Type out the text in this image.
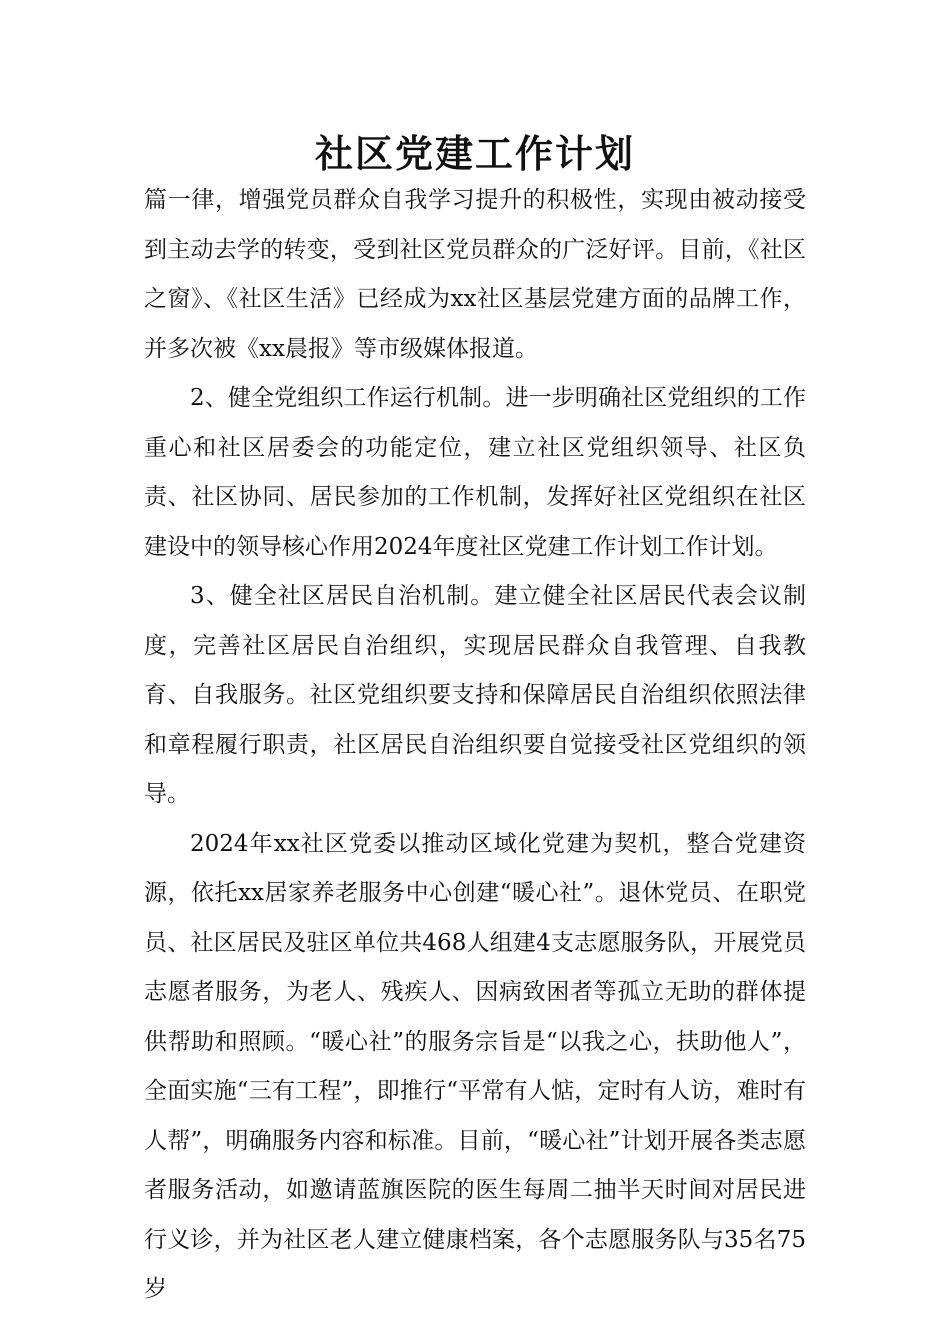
社区党建工作计划

篇一律，增强党员群众自我学习提升的积极性，实现由被动接受到主动去学的转变，受到社区党员群众的广泛好评。目前，《社区之窗》、《社区生活》已经成为xx社区基层党建方面的品牌工作，并多次被《xx晨报》等市级媒体报道。

2、健全党组织工作运行机制。进一步明确社区党组织的工作重心和社区居委会的功能定位，建立社区党组织领导、社区负责、社区协同、居民参加的工作机制，发挥好社区党组织在社区建设中的领导核心作用2024年度社区党建工作计划工作计划。

3、健全社区居民自治机制。建立健全社区居民代表会议制度，完善社区居民自治组织，实现居民群众自我管理、自我教育、自我服务。社区党组织要支持和保障居民自治组织依照法律和章程履行职责，社区居民自治组织要自觉接受社区党组织的领导。

2024年xx社区党委以推动区域化党建为契机，整合党建资源，依托xx居家养老服务中心创建“暖心社”。退休党员、在职党员、社区居民及驻区单位共468人组建4支志愿服务队，开展党员志愿者服务，为老人、残疾人、因病致困者等孤立无助的群体提供帮助和照顾。“暖心社”的服务宗旨是“以我之心，扶助他人”，全面实施“三有工程”，即推行“平常有人惦，定时有人访，难时有人帮”，明确服务内容和标准。目前，“暖心社”计划开展各类志愿者服务活动，如邀请蓝旗医院的医生每周二抽半天时间对居民进行义诊，并为社区老人建立健康档案，各个志愿服务队与35名75岁
